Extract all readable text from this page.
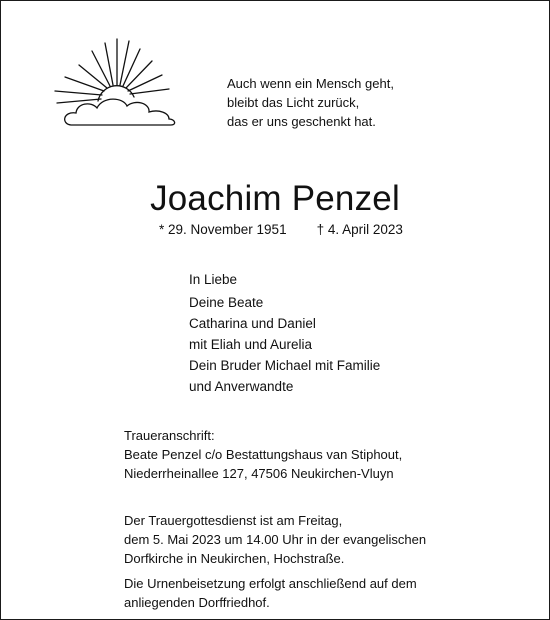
Auch wenn ein Mensch geht,
bleibt das Licht zurück,
das er uns geschenkt hat.
Joachim Penzel
* 29. November 1951 † 4. April 2023
In Liebe
Deine Beate
Catharina und Daniel
mit Eliah und Aurelia
Dein Bruder Michael mit Familie
und Anverwandte
Traueranschrift:
Beate Penzel c/o Bestattungshaus van Stiphout,
Niederrheinallee 127, 47506 Neukirchen-Vluyn
Der Trauergottesdienst ist am Freitag,
dem 5. Mai 2023 um 14.00 Uhr in der evangelischen
Dorfkirche in Neukirchen, Hochstraße.
Die Urnenbeisetzung erfolgt anschließend auf dem
anliegenden Dorffriedhof.
